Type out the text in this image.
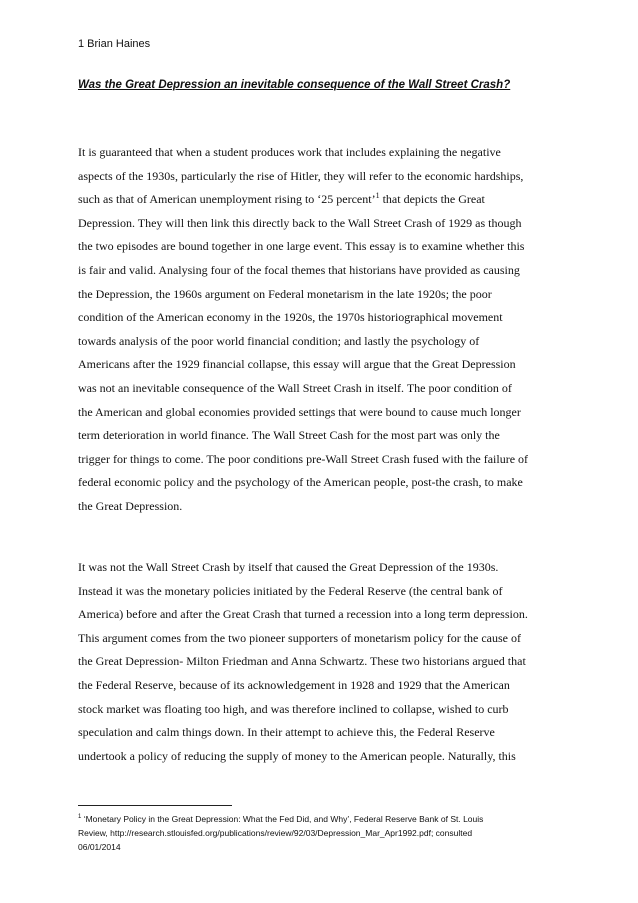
1 Brian Haines
Was the Great Depression an inevitable consequence of the Wall Street Crash?
It is guaranteed that when a student produces work that includes explaining the negative
aspects of the 1930s, particularly the rise of Hitler, they will refer to the economic hardships,
such as that of American unemployment rising to ‘25 percent’$^1$ that depicts the Great
Depression. They will then link this directly back to the Wall Street Crash of 1929 as though
the two episodes are bound together in one large event. This essay is to examine whether this
is fair and valid. Analysing four of the focal themes that historians have provided as causing
the Depression, the 1960s argument on Federal monetarism in the late 1920s; the poor
condition of the American economy in the 1920s, the 1970s historiographical movement
towards analysis of the poor world financial condition; and lastly the psychology of
Americans after the 1929 financial collapse, this essay will argue that the Great Depression
was not an inevitable consequence of the Wall Street Crash in itself. The poor condition of
the American and global economies provided settings that were bound to cause much longer
term deterioration in world finance. The Wall Street Cash for the most part was only the
trigger for things to come. The poor conditions pre-Wall Street Crash fused with the failure of
federal economic policy and the psychology of the American people, post-the crash, to make
the Great Depression.
It was not the Wall Street Crash by itself that caused the Great Depression of the 1930s.
Instead it was the monetary policies initiated by the Federal Reserve (the central bank of
America) before and after the Great Crash that turned a recession into a long term depression.
This argument comes from the two pioneer supporters of monetarism policy for the cause of
the Great Depression- Milton Friedman and Anna Schwartz. These two historians argued that
the Federal Reserve, because of its acknowledgement in 1928 and 1929 that the American
stock market was floating too high, and was therefore inclined to collapse, wished to curb
speculation and calm things down. In their attempt to achieve this, the Federal Reserve
undertook a policy of reducing the supply of money to the American people. Naturally, this
$^1$ ‘Monetary Policy in the Great Depression: What the Fed Did, and Why’, Federal Reserve Bank of St. Louis
Review, http://research.stlouisfed.org/publications/review/92/03/Depression_Mar_Apr1992.pdf; consulted
06/01/2014
